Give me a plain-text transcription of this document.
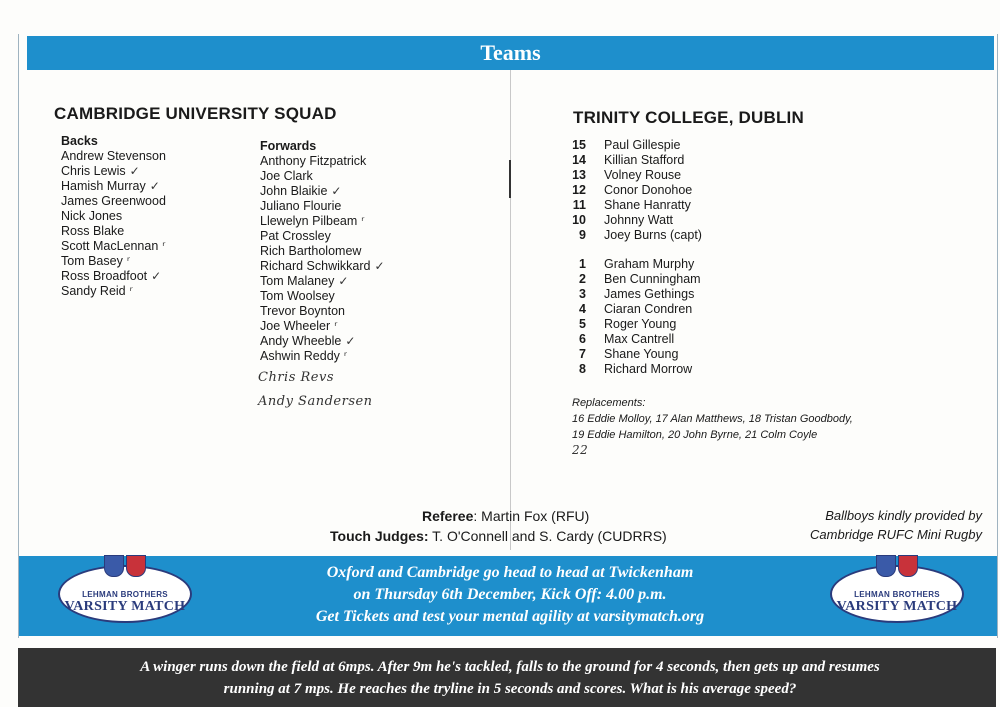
Teams
CAMBRIDGE UNIVERSITY SQUAD
Backs
Andrew Stevenson
Chris Lewis ✓
Hamish Murray ✓
James Greenwood
Nick Jones
Ross Blake
Scott MacLennan ʳ
Tom Basey ʳ
Ross Broadfoot ✓
Sandy Reid ʳ
Forwards
Anthony Fitzpatrick
Joe Clark
John Blaikie ✓
Juliano Flourie
Llewelyn Pilbeam ʳ
Pat Crossley
Rich Bartholomew
Richard Schwikkard ✓
Tom Malaney ✓
Tom Woolsey
Trevor Boynton
Joe Wheeler ʳ
Andy Wheeble ✓
Ashwin Reddy ʳ
Chris Revs
Andy Sandersen
TRINITY COLLEGE, DUBLIN
15 Paul Gillespie
14 Killian Stafford
13 Volney Rouse
12 Conor Donohoe
11 Shane Hanratty
10 Johnny Watt
9 Joey Burns (capt)
1 Graham Murphy
2 Ben Cunningham
3 James Gethings
4 Ciaran Condren
5 Roger Young
6 Max Cantrell
7 Shane Young
8 Richard Morrow
Replacements:
16 Eddie Molloy, 17 Alan Matthews, 18 Tristan Goodbody,
19 Eddie Hamilton, 20 John Byrne, 21 Colm Coyle
22
Referee: Martin Fox (RFU)
Touch Judges: T. O'Connell and S. Cardy (CUDRRS)
Ballboys kindly provided by
Cambridge RUFC Mini Rugby
LEHMAN BROTHERS
VARSITY MATCH
Oxford and Cambridge go head to head at Twickenham
on Thursday 6th December, Kick Off: 4.00 p.m.
Get Tickets and test your mental agility at varsitymatch.org
LEHMAN BROTHERS
VARSITY MATCH
A winger runs down the field at 6mps. After 9m he's tackled, falls to the ground for 4 seconds, then gets up and resumes
running at 7 mps. He reaches the tryline in 5 seconds and scores. What is his average speed?
